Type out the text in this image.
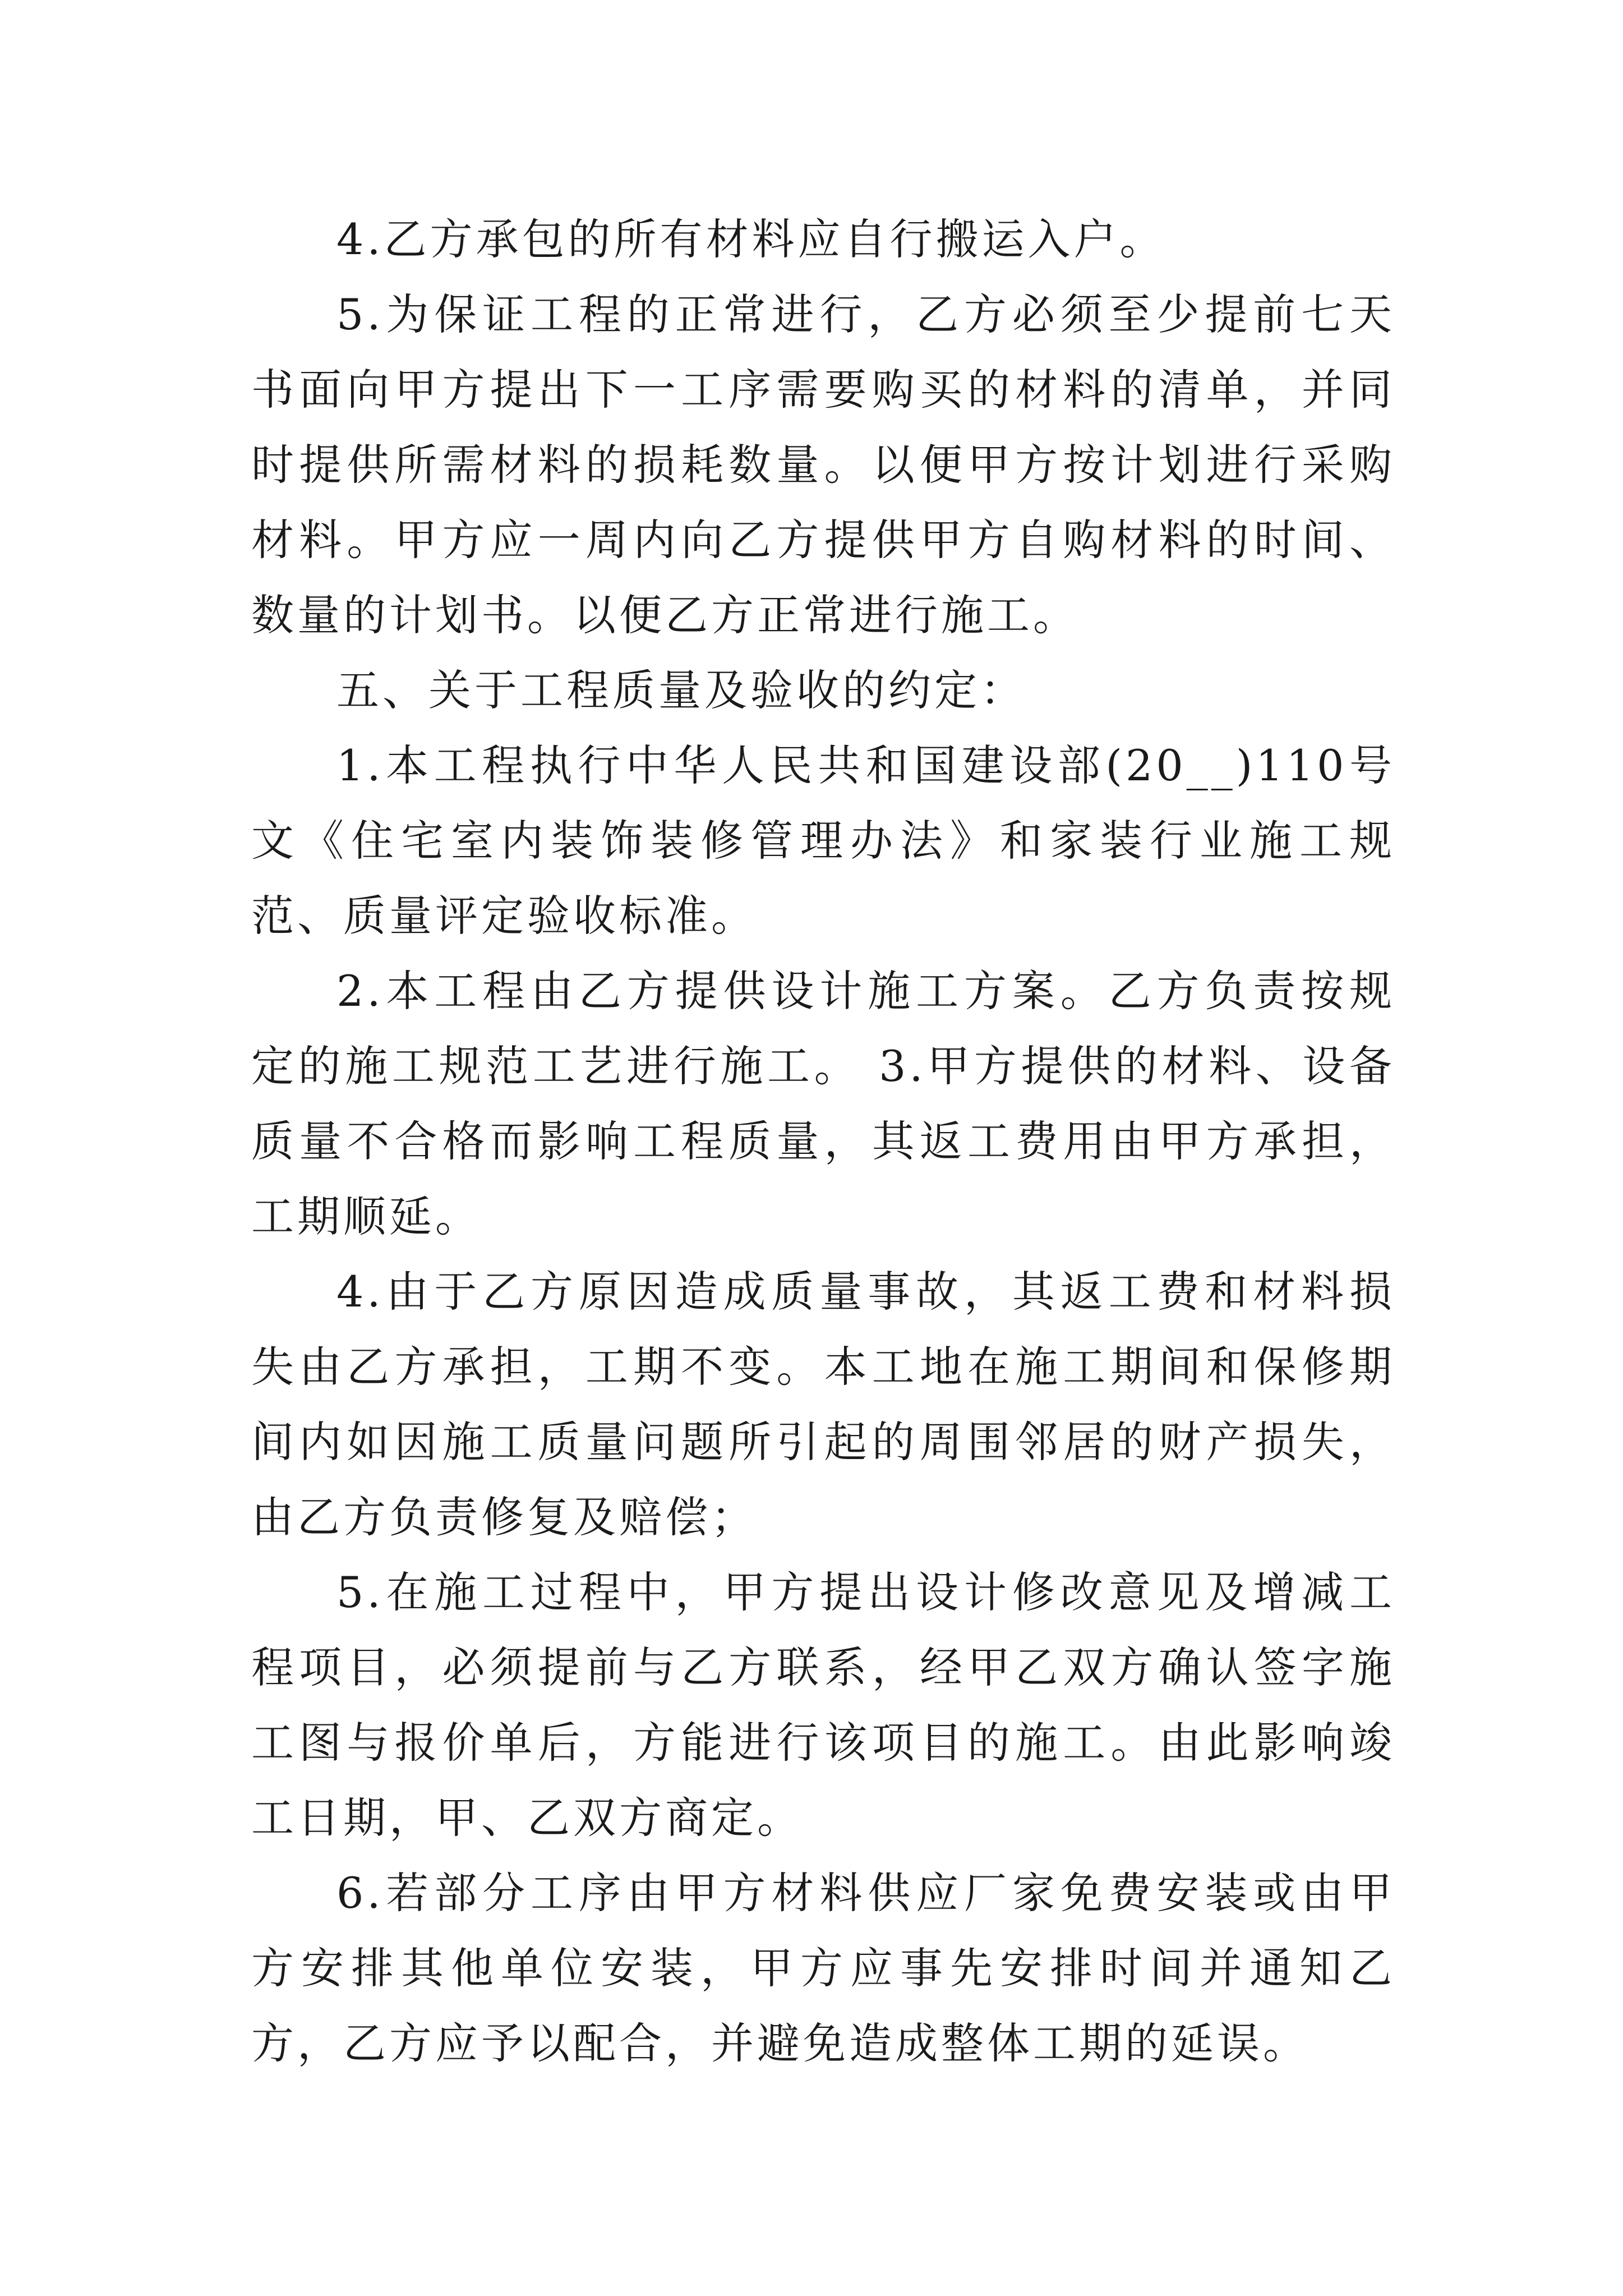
4.乙方承包的所有材料应自行搬运入户。

5.为保证工程的正常进行，乙方必须至少提前七天书面向甲方提出下一工序需要购买的材料的清单，并同时提供所需材料的损耗数量。以便甲方按计划进行采购材料。甲方应一周内向乙方提供甲方自购材料的时间、数量的计划书。以便乙方正常进行施工。

五、关于工程质量及验收的约定：

1.本工程执行中华人民共和国建设部(20__)110号文《住宅室内装饰装修管理办法》和家装行业施工规范、质量评定验收标准。

2.本工程由乙方提供设计施工方案。乙方负责按规定的施工规范工艺进行施工。 3.甲方提供的材料、设备质量不合格而影响工程质量，其返工费用由甲方承担，工期顺延。

4.由于乙方原因造成质量事故，其返工费和材料损失由乙方承担，工期不变。本工地在施工期间和保修期间内如因施工质量问题所引起的周围邻居的财产损失，由乙方负责修复及赔偿；

5.在施工过程中，甲方提出设计修改意见及增减工程项目，必须提前与乙方联系，经甲乙双方确认签字施工图与报价单后，方能进行该项目的施工。由此影响竣工日期，甲、乙双方商定。

6.若部分工序由甲方材料供应厂家免费安装或由甲方安排其他单位安装，甲方应事先安排时间并通知乙方，乙方应予以配合，并避免造成整体工期的延误。
